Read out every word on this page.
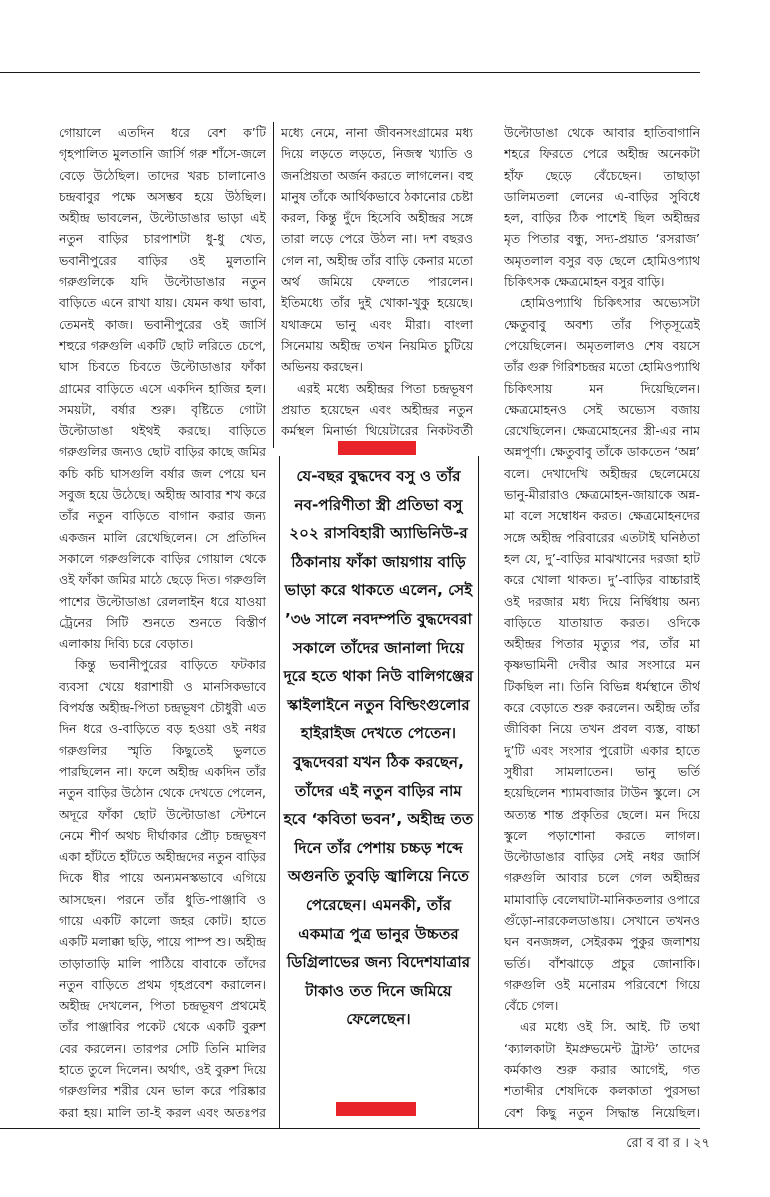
গোয়ালে এতদিন ধরে বেশ ক’টি গৃহপালিত মুলতানি জার্সি গরু শাঁসে-জলে বেড়ে উঠেছিল। তাদের খরচ চালানোও চন্দ্রবাবুর পক্ষে অসম্ভব হয়ে উঠছিল। অহীন্দ্র ভাবলেন, উল্টোডাঙার ভাড়া এই নতুন বাড়ির চারপাশটা ধু-ধু খেত, ভবানীপুরের বাড়ির ওই মুলতানি গরুগুলিকে যদি উল্টোডাঙার নতুন বাড়িতে এনে রাখা যায়। যেমন কথা ভাবা, তেমনই কাজ। ভবানীপুরের ওই জার্সি শহুরে গরুগুলি একটি ছোট লরিতে চেপে, ঘাস চিবতে চিবতে উল্টোডাঙার ফাঁকা গ্রামের বাড়িতে এসে একদিন হাজির হল। সময়টা, বর্ষার শুরু। বৃষ্টিতে গোটা উল্টোডাঙা থইথই করছে। বাড়িতে গরুগুলির জন্যও ছোট বাড়ির কাছে জমির কচি কচি ঘাসগুলি বর্ষার জল পেয়ে ঘন সবুজ হয়ে উঠেছে। অহীন্দ্র আবার শখ করে তাঁর নতুন বাড়িতে বাগান করার জন্য একজন মালি রেখেছিলেন। সে প্রতিদিন সকালে গরুগুলিকে বাড়ির গোয়াল থেকে ওই ফাঁকা জমির মাঠে ছেড়ে দিত। গরুগুলি পাশের উল্টোডাঙা রেললাইন ধরে যাওয়া ট্রেনের সিটি শুনতে শুনতে বিস্তীর্ণ এলাকায় দিব্যি চরে বেড়াত।

কিন্তু ভবানীপুরের বাড়িতে ফটকার ব্যবসা খেয়ে ধরাশায়ী ও মানসিকভাবে বিপর্যস্ত অহীন্দ্র-পিতা চন্দ্রভূষণ চৌধুরী এত দিন ধরে ও-বাড়িতে বড় হওয়া ওই নধর গরুগুলির স্মৃতি কিছুতেই ভুলতে পারছিলেন না। ফলে অহীন্দ্র একদিন তাঁর নতুন বাড়ির উঠোন থেকে দেখতে পেলেন, অদূরে ফাঁকা ছোট উল্টোডাঙা স্টেশনে নেমে শীর্ণ অথচ দীর্ঘাকার প্রৌঢ় চন্দ্রভূষণ একা হাঁটতে হাঁটতে অহীন্দ্রদের নতুন বাড়ির দিকে ধীর পায়ে অন্যমনস্কভাবে এগিয়ে আসছেন। পরনে তাঁর ধুতি-পাঞ্জাবি ও গায়ে একটি কালো জহর কোট। হাতে একটি মলাক্কা ছড়ি, পায়ে পাম্প শু। অহীন্দ্র তাড়াতাড়ি মালি পাঠিয়ে বাবাকে তাঁদের নতুন বাড়িতে প্রথম গৃহপ্রবেশ করালেন। অহীন্দ্র দেখলেন, পিতা চন্দ্রভূষণ প্রথমেই তাঁর পাঞ্জাবির পকেট থেকে একটি বুরুশ বের করলেন। তারপর সেটি তিনি মালির হাতে তুলে দিলেন। অর্থাৎ, ওই বুরুশ দিয়ে গরুগুলির শরীর যেন ভাল করে পরিষ্কার করা হয়। মালি তা-ই করল এবং অতঃপর

মধ্যে নেমে, নানা জীবনসংগ্রামের মধ্য দিয়ে লড়তে লড়তে, নিজস্ব খ্যাতি ও জনপ্রিয়তা অর্জন করতে লাগলেন। বহু মানুষ তাঁকে আর্থিকভাবে ঠকানোর চেষ্টা করল, কিন্তু দুঁদে হিসেবি অহীন্দ্রর সঙ্গে তারা লড়ে পেরে উঠল না। দশ বছরও গেল না, অহীন্দ্র তাঁর বাড়ি কেনার মতো অর্থ জমিয়ে ফেলতে পারলেন। ইতিমধ্যে তাঁর দুই খোকা-খুকু হয়েছে। যথাক্রমে ভানু এবং মীরা। বাংলা সিনেমায় অহীন্দ্র তখন নিয়মিত চুটিয়ে অভিনয় করছেন।

এরই মধ্যে অহীন্দ্রর পিতা চন্দ্রভূষণ প্রয়াত হয়েছেন এবং অহীন্দ্রর নতুন কর্মস্থল মিনার্ভা থিয়েটারের নিকটবর্তী

যে-বছর বুদ্ধদেব বসু ও তাঁর নব-পরিণীতা স্ত্রী প্রতিভা বসু ২০২ রাসবিহারী অ্যাভিনিউ-র ঠিকানায় ফাঁকা জায়গায় বাড়ি ভাড়া করে থাকতে এলেন, সেই ’৩৬ সালে নবদম্পতি বুদ্ধদেবরা সকালে তাঁদের জানালা দিয়ে দূরে হতে থাকা নিউ বালিগঞ্জের স্কাইলাইনে নতুন বিল্ডিংগুলোর হাইরাইজ দেখতে পেতেন। বুদ্ধদেবরা যখন ঠিক করছেন, তাঁদের এই নতুন বাড়ির নাম হবে ‘কবিতা ভবন’, অহীন্দ্র তত দিনে তাঁর পেশায় চচ্চড় শব্দে অগুনতি তুবড়ি জ্বালিয়ে নিতে পেরেছেন। এমনকী, তাঁর একমাত্র পুত্র ভানুর উচ্চতর ডিগ্রিলাভের জন্য বিদেশযাত্রার টাকাও তত দিনে জমিয়ে ফেলেছেন।

উল্টোডাঙা থেকে আবার হাতিবাগানি শহরে ফিরতে পেরে অহীন্দ্র অনেকটা হাঁফ ছেড়ে বেঁচেছেন। তাছাড়া ডালিমতলা লেনের এ-বাড়ির সুবিধে হল, বাড়ির ঠিক পাশেই ছিল অহীন্দ্রর মৃত পিতার বন্ধু, সদ্য-প্রয়াত ‘রসরাজ’ অমৃতলাল বসুর বড় ছেলে হোমিওপ্যাথ চিকিৎসক ক্ষেত্রমোহন বসুর বাড়ি।

হোমিওপ্যাথি চিকিৎসার অভ্যেসটা ক্ষেতুবাবু অবশ্য তাঁর পিতৃসূত্রেই পেয়েছিলেন। অমৃতলালও শেষ বয়সে তাঁর গুরু গিরিশচন্দ্রর মতো হোমিওপ্যাথি চিকিৎসায় মন দিয়েছিলেন। ক্ষেত্রমোহনও সেই অভ্যেস বজায় রেখেছিলেন। ক্ষেত্রমোহনের স্ত্রী-এর নাম অন্নপূর্ণা। ক্ষেতুবাবু তাঁকে ডাকতেন ‘অন্ন’ বলে। দেখাদেখি অহীন্দ্রর ছেলেমেয়ে ভানু-মীরারাও ক্ষেত্রমোহন-জায়াকে অন্ন-মা বলে সম্বোধন করত। ক্ষেত্রমোহনদের সঙ্গে অহীন্দ্র পরিবারের এতটাই ঘনিষ্ঠতা হল যে, দু’-বাড়ির মাঝখানের দরজা হাট করে খোলা থাকত। দু’-বাড়ির বাচ্চারাই ওই দরজার মধ্য দিয়ে নির্দ্বিধায় অন্য বাড়িতে যাতায়াত করত। ওদিকে অহীন্দ্রর পিতার মৃত্যুর পর, তাঁর মা কৃষ্ণভামিনী দেবীর আর সংসারে মন টিকছিল না। তিনি বিভিন্ন ধর্মস্থানে তীর্থ করে বেড়াতে শুরু করলেন। অহীন্দ্র তাঁর জীবিকা নিয়ে তখন প্রবল ব্যস্ত, বাচ্চা দু’টি এবং সংসার পুরোটা একার হাতে সুধীরা সামলাতেন। ভানু ভর্তি হয়েছিলেন শ্যামবাজার টাউন স্কুলে। সে অত্যন্ত শান্ত প্রকৃতির ছেলে। মন দিয়ে স্কুলে পড়াশোনা করতে লাগল। উল্টোডাঙার বাড়ির সেই নধর জার্সি গরুগুলি আবার চলে গেল অহীন্দ্রর মামাবাড়ি বেলেঘাটা-মানিকতলার ওপারে গুঁড়ো-নারকেলডাঙায়। সেখানে তখনও ঘন বনজঙ্গল, সেইরকম পুকুর জলাশয় ভর্তি। বাঁশঝাড়ে প্রচুর জোনাকি। গরুগুলি ওই মনোরম পরিবেশে গিয়ে বেঁচে গেল।

এর মধ্যে ওই সি. আই. টি তথা ‘ক্যালকাটা ইমপ্রুভমেন্ট ট্রাস্ট’ তাদের কর্মকাণ্ড শুরু করার আগেই, গত শতাব্দীর শেষদিকে কলকাতা পুরসভা বেশ কিছু নতুন সিদ্ধান্ত নিয়েছিল।

রো ব বা র । ২৭
